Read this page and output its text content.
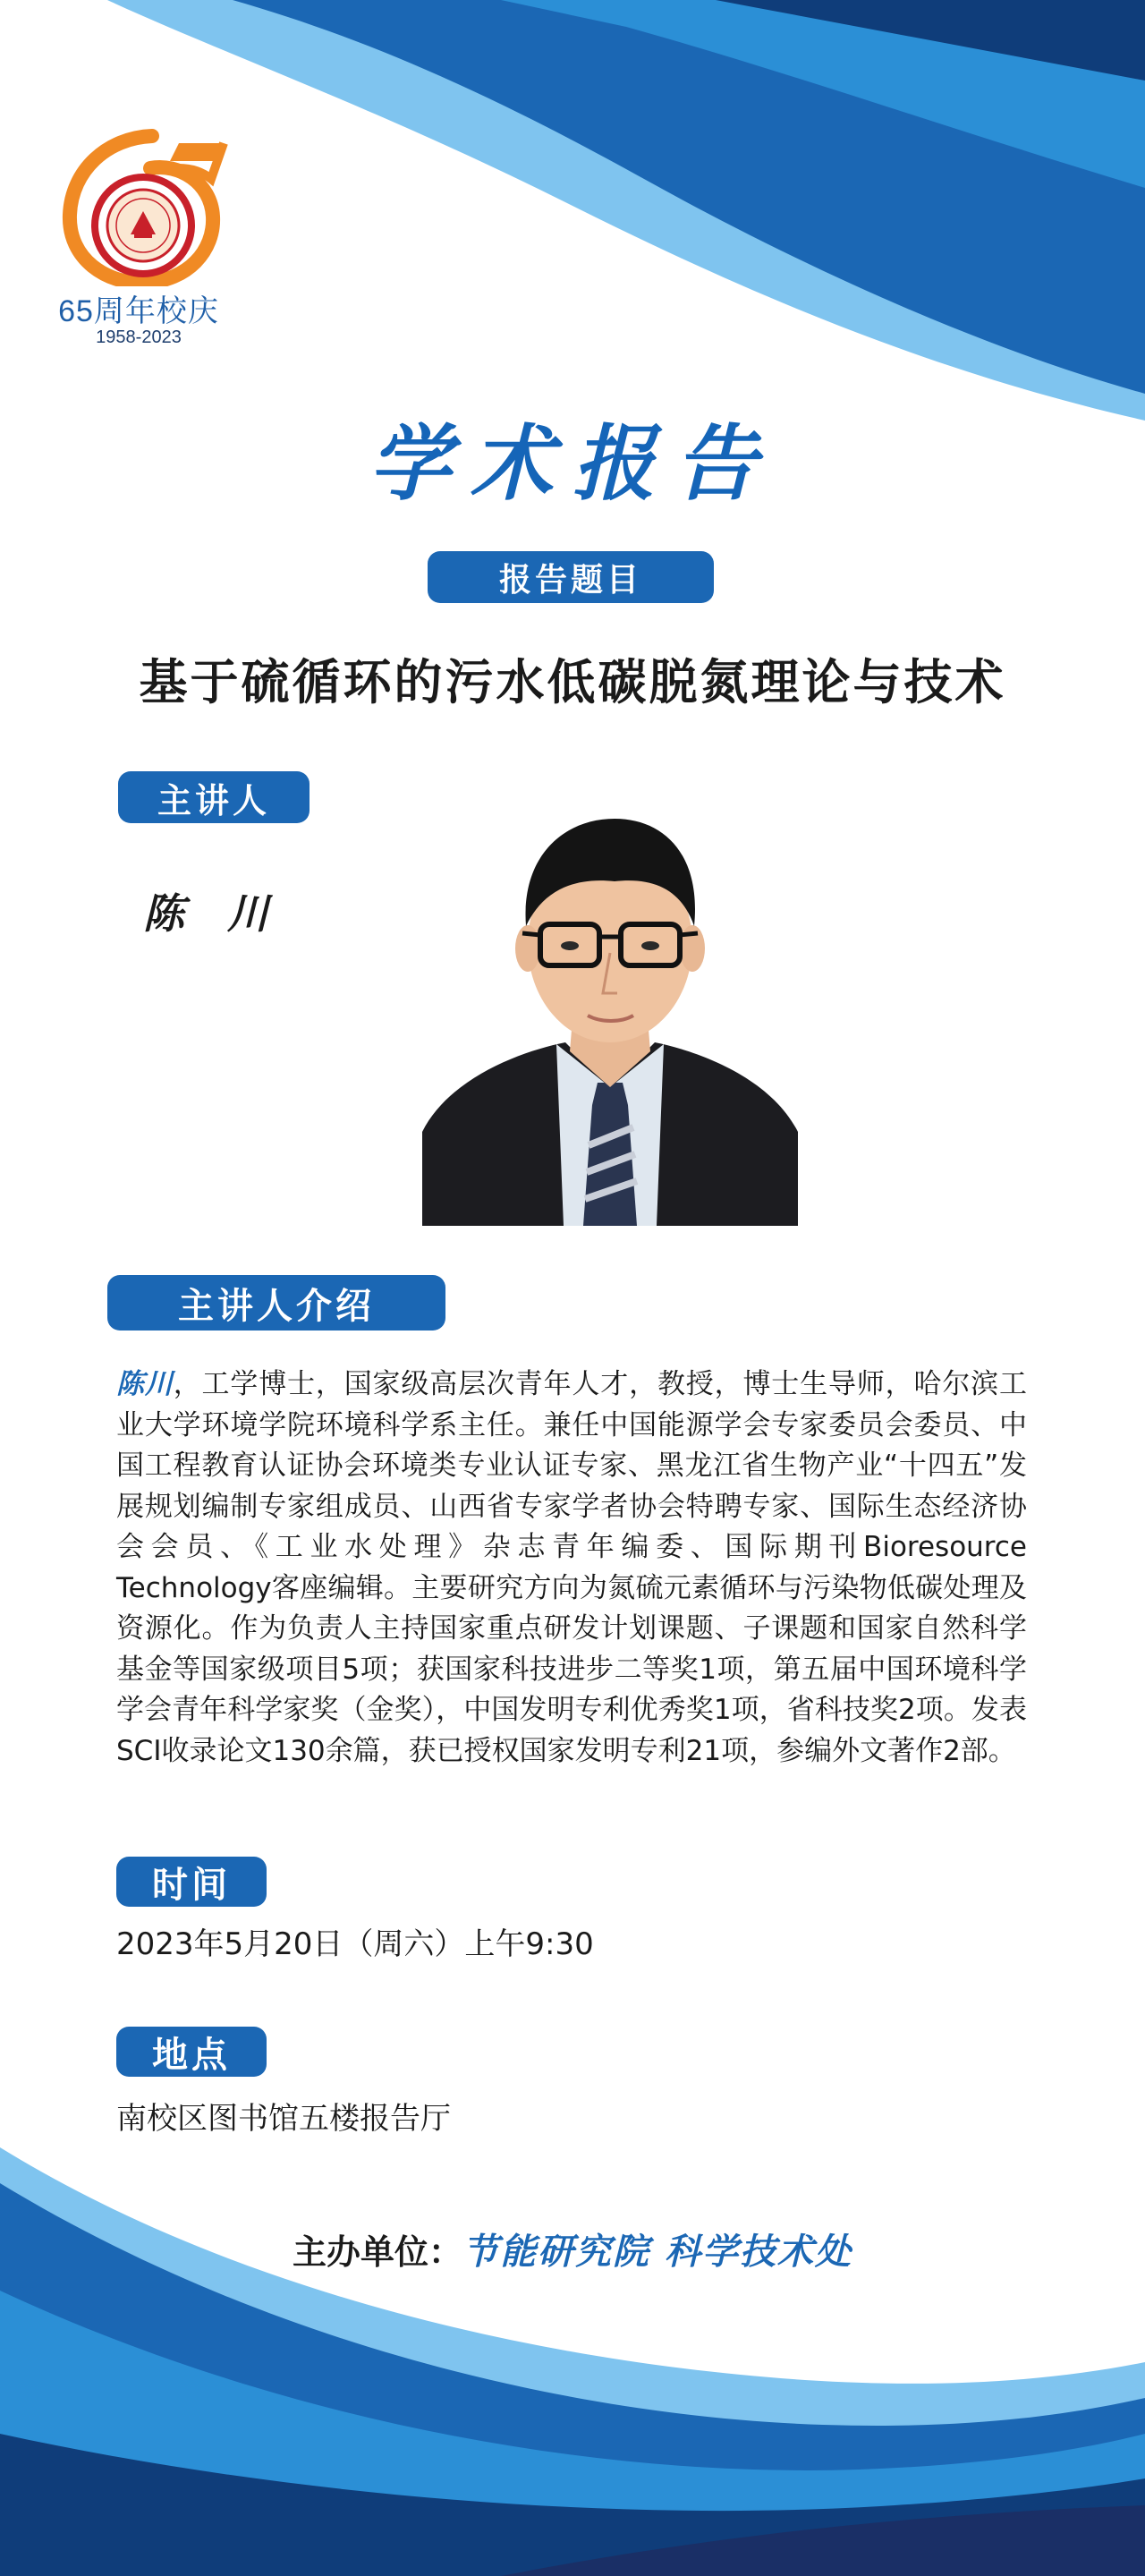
65周年校庆
1958-2023
学术报告
报告题目
基于硫循环的污水低碳脱氮理论与技术
主讲人
陈 川
主讲人介绍
陈川，工学博士，国家级高层次青年人才，教授，博士生导师，哈尔滨工业大学环境学院环境科学系主任。兼任中国能源学会专家委员会委员、中国工程教育认证协会环境类专业认证专家、黑龙江省生物产业“十四五”发展规划编制专家组成员、山西省专家学者协会特聘专家、国际生态经济协会会员、《工业水处理》杂志青年编委、国际期刊Bioresource Technology客座编辑。主要研究方向为氮硫元素循环与污染物低碳处理及资源化。作为负责人主持国家重点研发计划课题、子课题和国家自然科学基金等国家级项目5项；获国家科技进步二等奖1项，第五届中国环境科学学会青年科学家奖（金奖），中国发明专利优秀奖1项，省科技奖2项。发表SCI收录论文130余篇，获已授权国家发明专利21项，参编外文著作2部。
时间
2023年5月20日（周六）上午9:30
地点
南校区图书馆五楼报告厅
主办单位：节能研究院 科学技术处
